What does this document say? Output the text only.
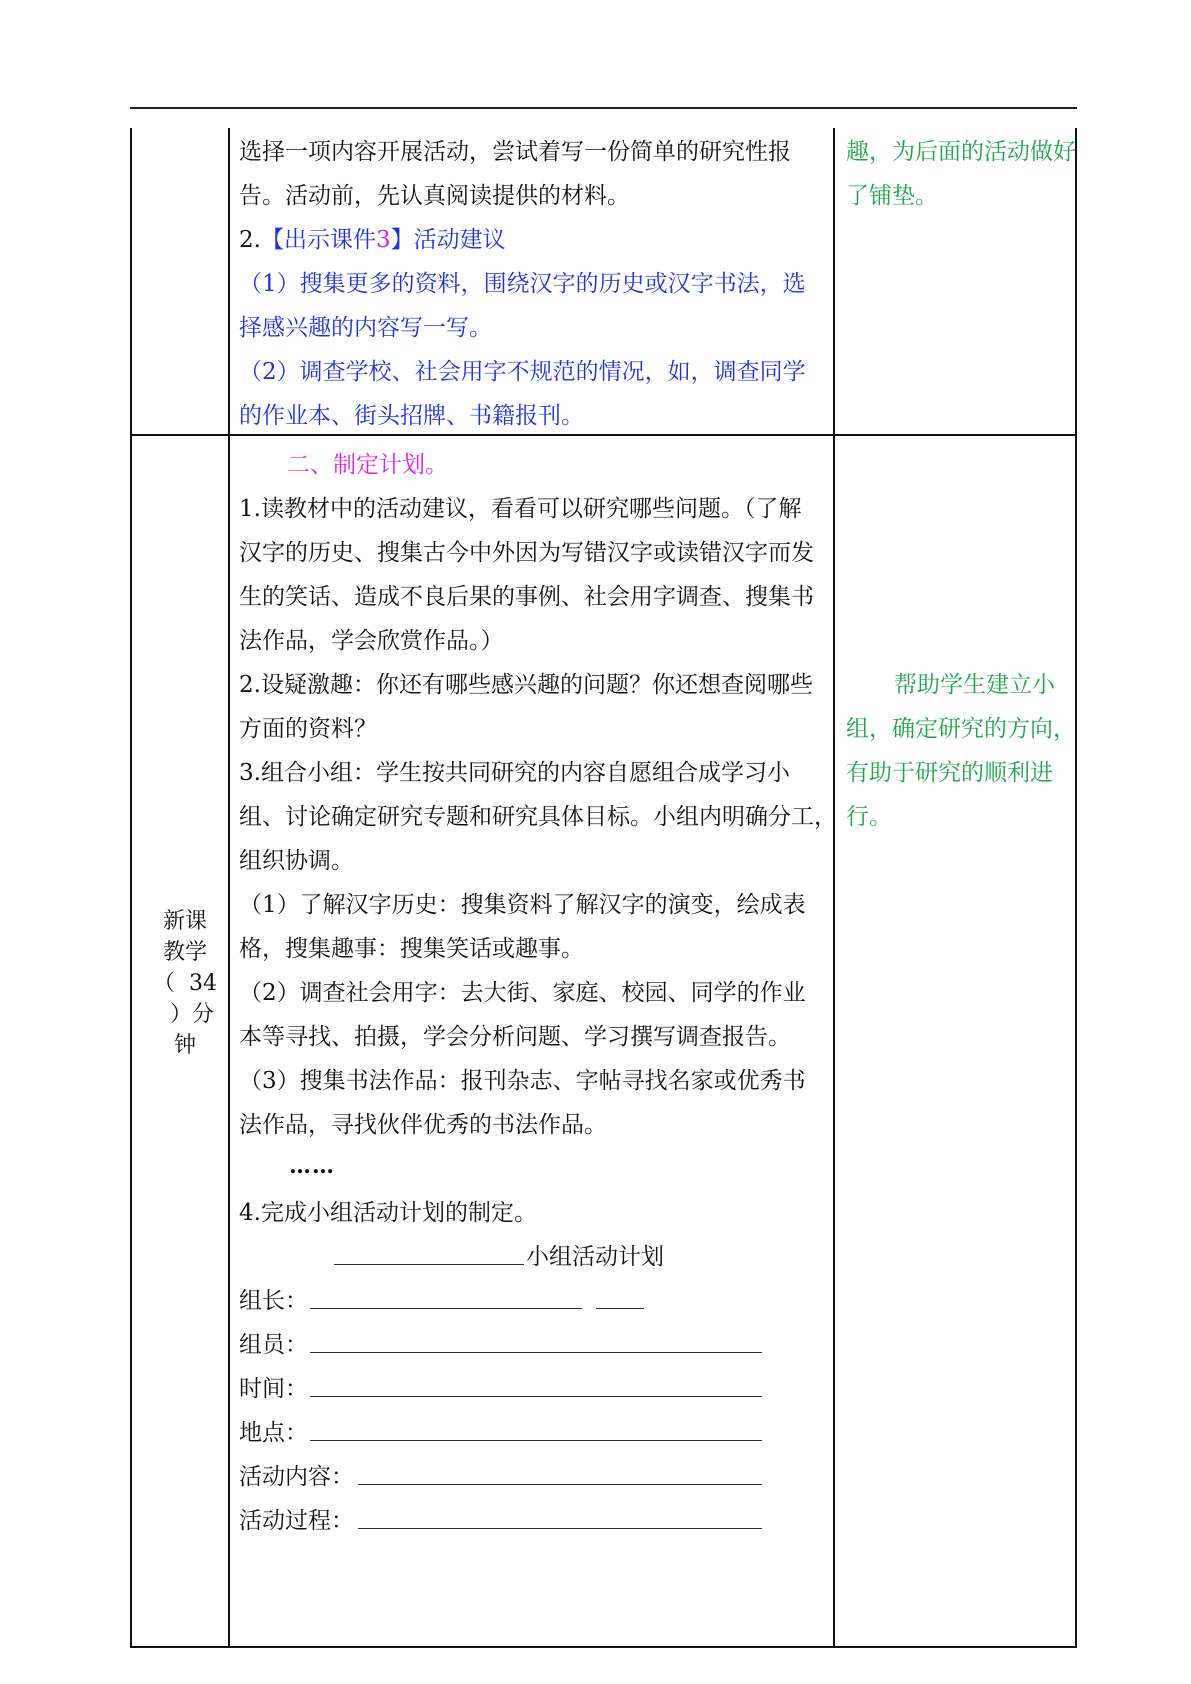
选择一项内容开展活动，尝试着写一份简单的研究性报
告。活动前，先认真阅读提供的材料。
2.【出示课件3】活动建议
（1）搜集更多的资料，围绕汉字的历史或汉字书法，选
择感兴趣的内容写一写。
（2）调查学校、社会用字不规范的情况，如，调查同学
的作业本、街头招牌、书籍报刊。
趣，为后面的活动做好
了铺垫。
新课
教学
（  34
）分
钟
二、制定计划。
1.读教材中的活动建议，看看可以研究哪些问题。（了解
汉字的历史、搜集古今中外因为写错汉字或读错汉字而发
生的笑话、造成不良后果的事例、社会用字调查、搜集书
法作品，学会欣赏作品。）
2.设疑激趣：你还有哪些感兴趣的问题？你还想查阅哪些
方面的资料？
3.组合小组：学生按共同研究的内容自愿组合成学习小
组、讨论确定研究专题和研究具体目标。小组内明确分工，
组织协调。
（1）了解汉字历史：搜集资料了解汉字的演变，绘成表
格，搜集趣事：搜集笑话或趣事。
（2）调查社会用字：去大街、家庭、校园、同学的作业
本等寻找、拍摄，学会分析问题、学习撰写调查报告。
（3）搜集书法作品：报刊杂志、字帖寻找名家或优秀书
法作品，寻找伙伴优秀的书法作品。
……
4.完成小组活动计划的制定。
小组活动计划
组长：
组员：
时间：
地点：
活动内容：
活动过程：
帮助学生建立小
组，确定研究的方向，
有助于研究的顺利进
行。
